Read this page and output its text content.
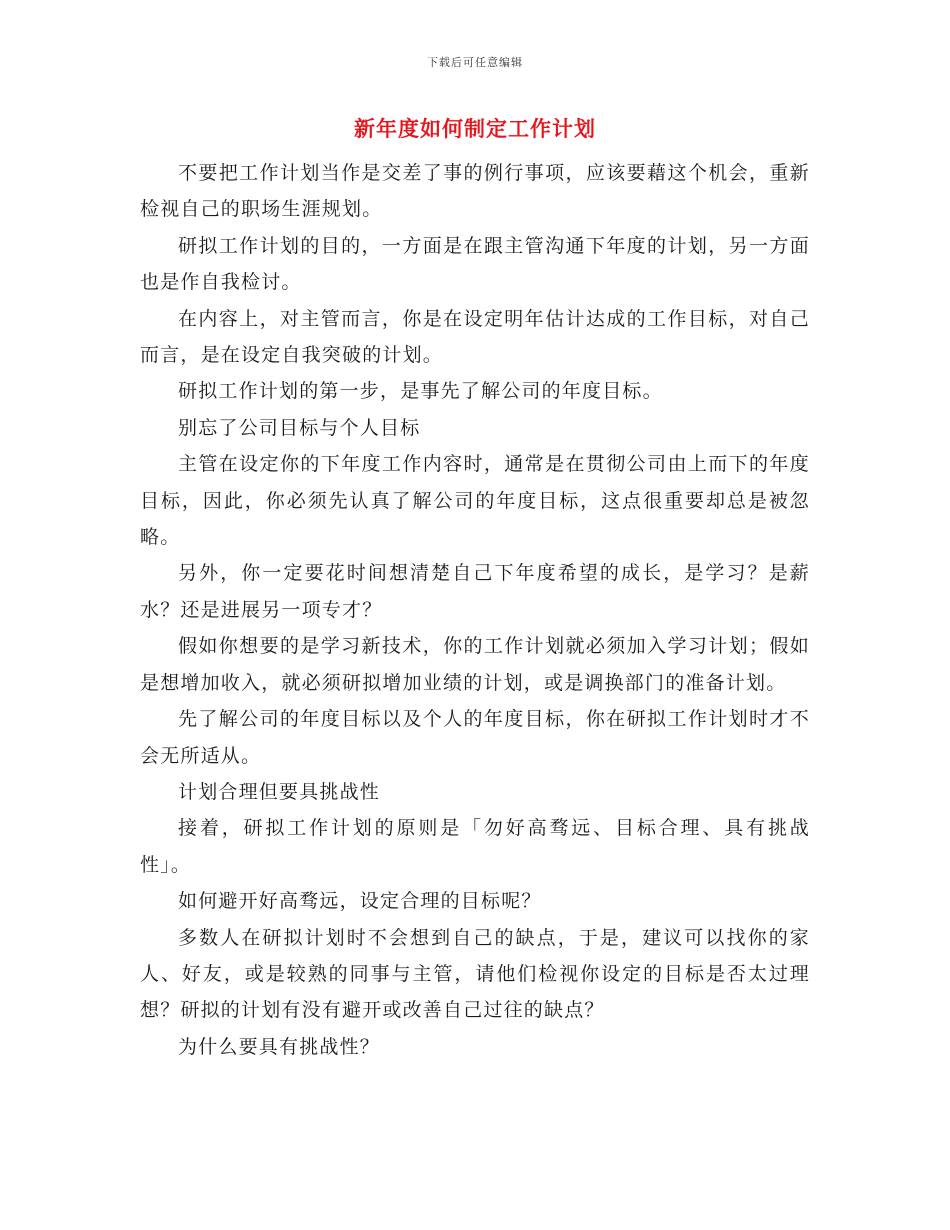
下载后可任意编辑
新年度如何制定工作计划

不要把工作计划当作是交差了事的例行事项，应该要藉这个机会，重新检视自己的职场生涯规划。

研拟工作计划的目的，一方面是在跟主管沟通下年度的计划，另一方面也是作自我检讨。

在内容上，对主管而言，你是在设定明年估计达成的工作目标，对自己而言，是在设定自我突破的计划。

研拟工作计划的第一步，是事先了解公司的年度目标。

别忘了公司目标与个人目标

主管在设定你的下年度工作内容时，通常是在贯彻公司由上而下的年度目标，因此，你必须先认真了解公司的年度目标，这点很重要却总是被忽略。

另外，你一定要花时间想清楚自己下年度希望的成长，是学习？是薪水？还是进展另一项专才？

假如你想要的是学习新技术，你的工作计划就必须加入学习计划；假如是想增加收入，就必须研拟增加业绩的计划，或是调换部门的准备计划。

先了解公司的年度目标以及个人的年度目标，你在研拟工作计划时才不会无所适从。

计划合理但要具挑战性

接着，研拟工作计划的原则是「勿好高骛远、目标合理、具有挑战性」。

如何避开好高骛远，设定合理的目标呢？

多数人在研拟计划时不会想到自己的缺点，于是，建议可以找你的家人、好友，或是较熟的同事与主管，请他们检视你设定的目标是否太过理想？研拟的计划有没有避开或改善自己过往的缺点？

为什么要具有挑战性？
